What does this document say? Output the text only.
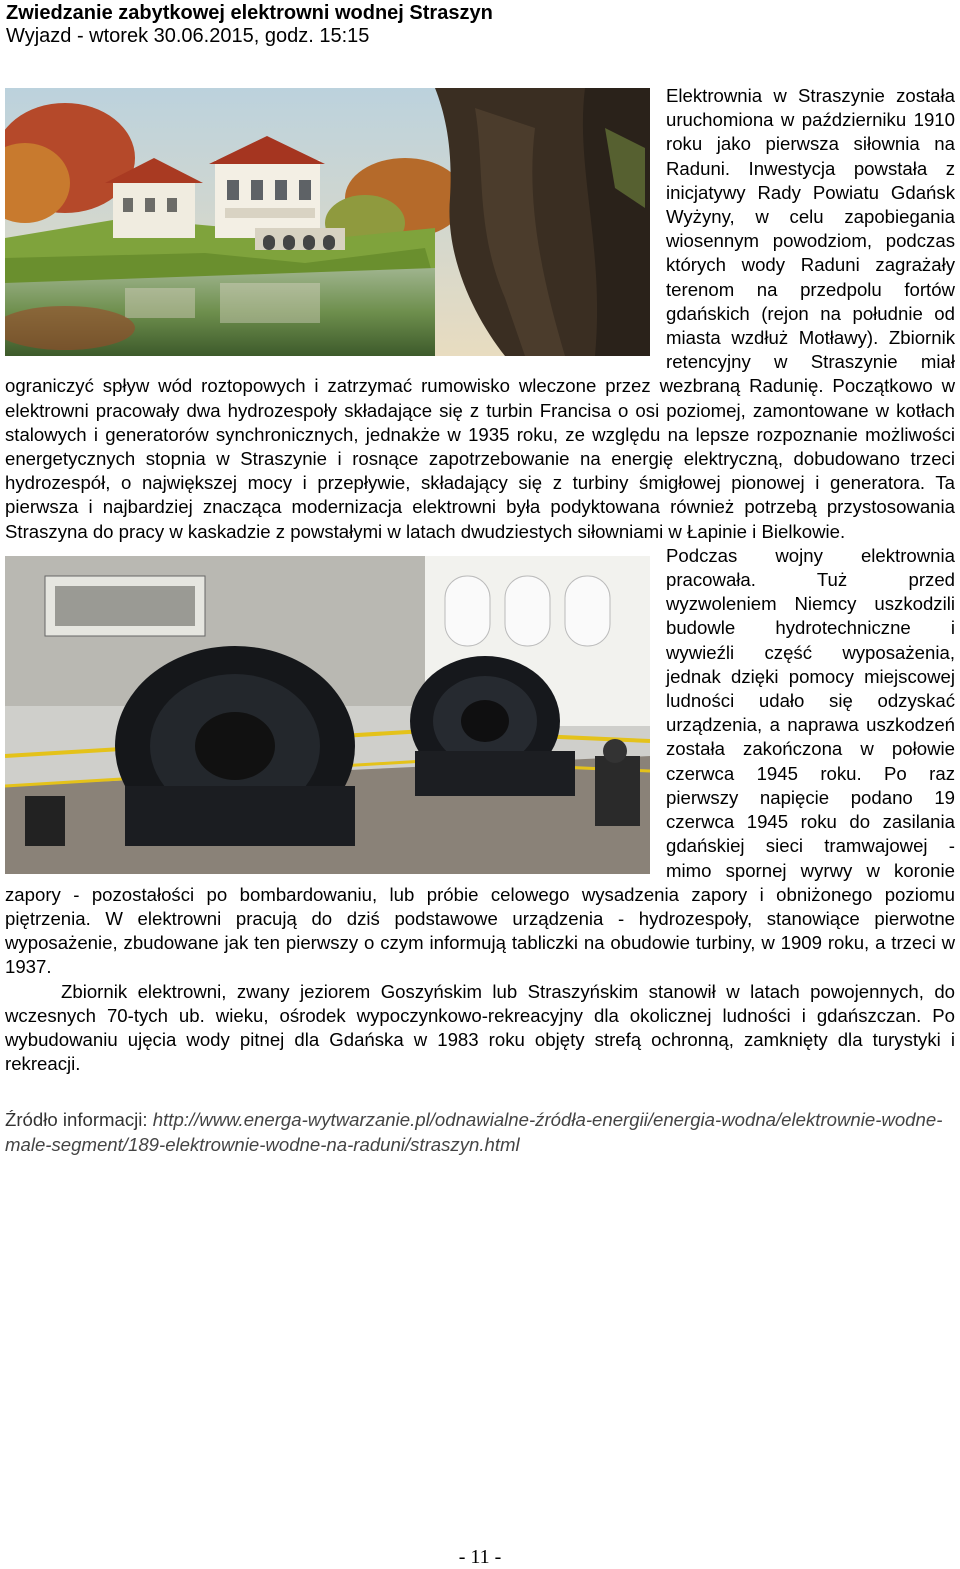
Zwiedzanie zabytkowej elektrowni wodnej Straszyn
Wyjazd - wtorek 30.06.2015, godz. 15:15

Elektrownia w Straszynie została uruchomiona w październiku 1910 roku jako pierwsza siłownia na Raduni. Inwestycja powstała z inicjatywy Rady Powiatu Gdańsk Wyżyny, w celu zapobiegania wiosennym powodziom, podczas których wody Raduni zagrażały terenom na przedpolu fortów gdańskich (rejon na południe od miasta wzdłuż Motławy). Zbiornik retencyjny w Straszynie miał ograniczyć spływ wód roztopowych i zatrzymać rumowisko wleczone przez wezbraną Radunię. Początkowo w elektrowni pracowały dwa hydrozespoły składające się z turbin Francisa o osi poziomej, zamontowane w kotłach stalowych i generatorów synchronicznych, jednakże w 1935 roku, ze względu na lepsze rozpoznanie możliwości energetycznych stopnia w Straszynie i rosnące zapotrzebowanie na energię elektryczną, dobudowano trzeci hydrozespół, o największej mocy i przepływie, składający się z turbiny śmigłowej pionowej i generatora. Ta pierwsza i najbardziej znacząca modernizacja elektrowni była podyktowana również potrzebą przystosowania Straszyna do pracy w kaskadzie z powstałymi w latach dwudziestych siłowniami w Łapinie i Bielkowie.

Podczas wojny elektrownia pracowała. Tuż przed wyzwoleniem Niemcy uszkodzili budowle hydrotechniczne i wywieźli część wyposażenia, jednak dzięki pomocy miejscowej ludności udało się odzyskać urządzenia, a naprawa uszkodzeń została zakończona w połowie czerwca 1945 roku. Po raz pierwszy napięcie podano 19 czerwca 1945 roku do zasilania gdańskiej sieci tramwajowej - mimo spornej wyrwy w koronie zapory - pozostałości po bombardowaniu, lub próbie celowego wysadzenia zapory i obniżonego poziomu piętrzenia. W elektrowni pracują do dziś podstawowe urządzenia - hydrozespoły, stanowiące pierwotne wyposażenie, zbudowane jak ten pierwszy o czym informują tabliczki na obudowie turbiny, w 1909 roku, a trzeci w 1937.

Zbiornik elektrowni, zwany jeziorem Goszyńskim lub Straszyńskim stanowił w latach powojennych, do wczesnych 70-tych ub. wieku, ośrodek wypoczynkowo-rekreacyjny dla okolicznej ludności i gdańszczan. Po wybudowaniu ujęcia wody pitnej dla Gdańska w 1983 roku objęty strefą ochronną, zamknięty dla turystyki i rekreacji.

Źródło informacji: http://www.energa-wytwarzanie.pl/odnawialne-źródła-energii/energia-wodna/elektrownie-wodne-male-segment/189-elektrownie-wodne-na-raduni/straszyn.html

- 11 -
